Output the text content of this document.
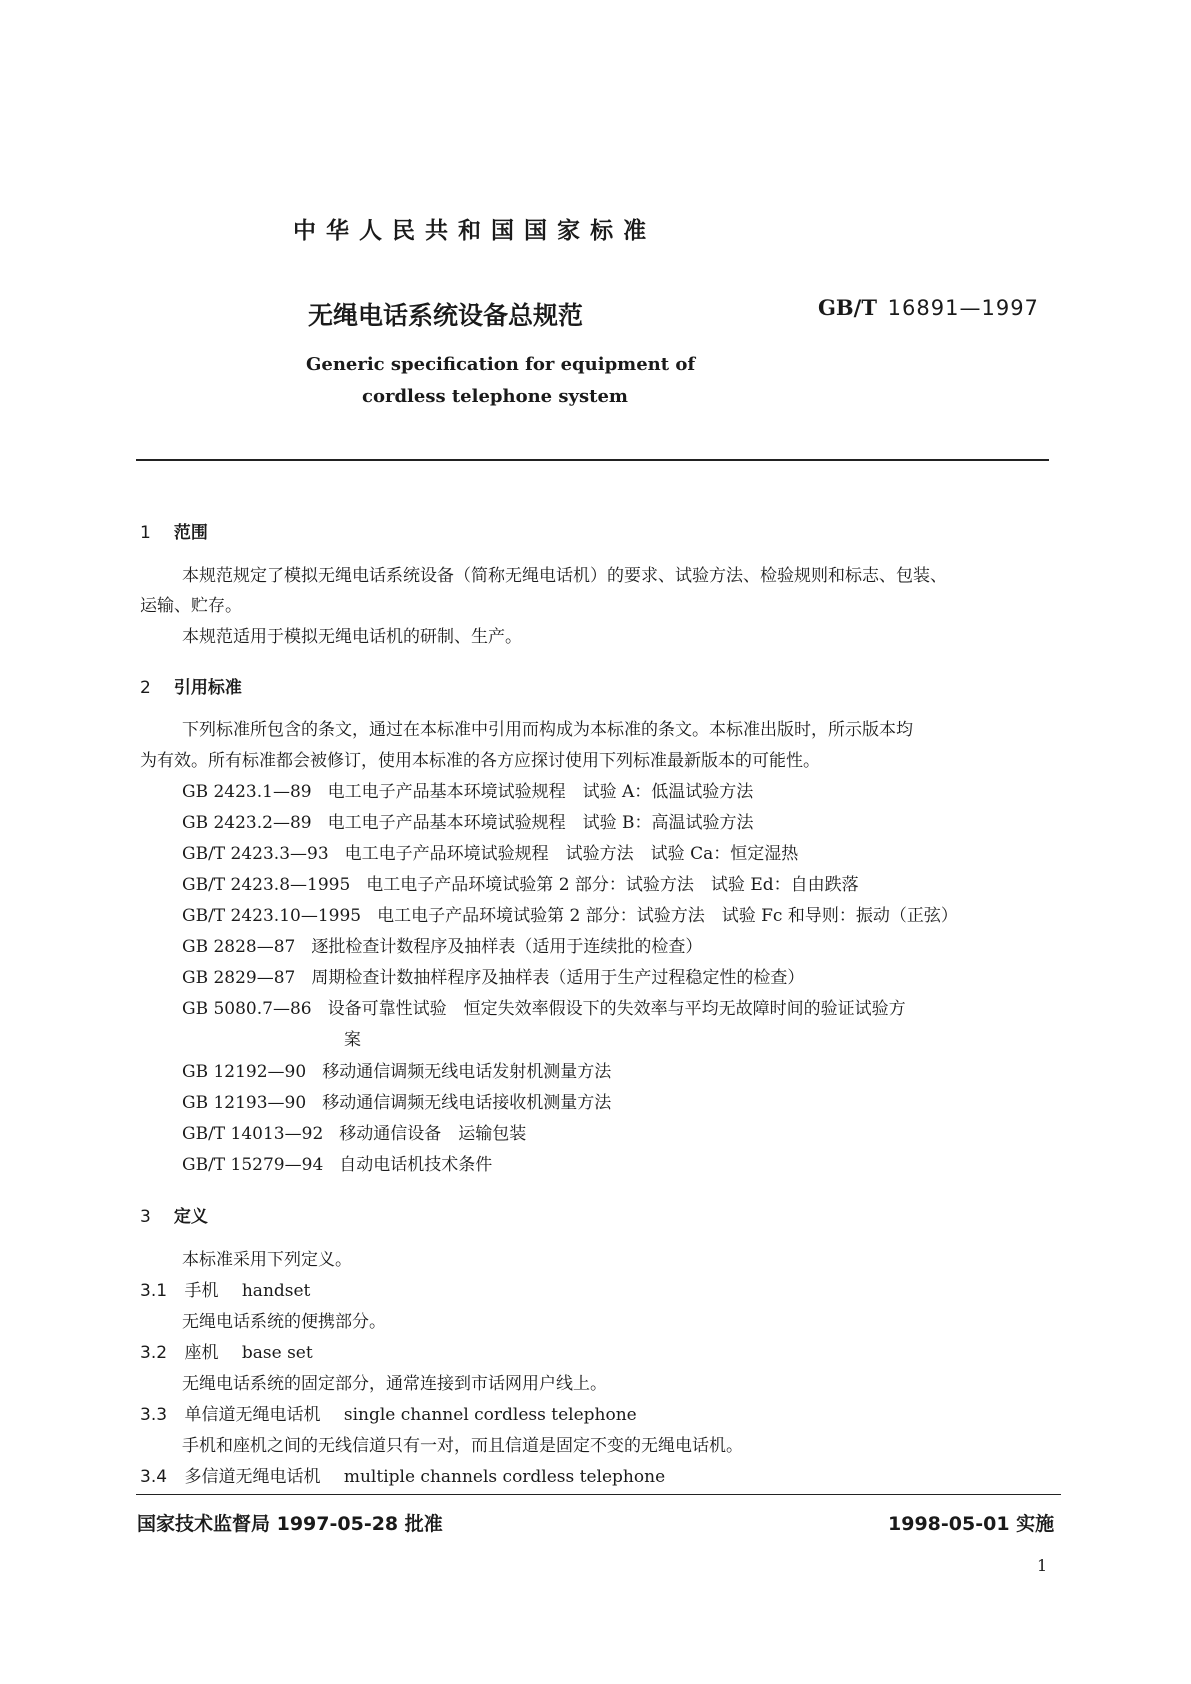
中 华 人 民 共 和 国 国 家 标 准
无绳电话系统设备总规范	GB/T 16891—1997
Generic specification for equipment of
cordless telephone system
1 范围
本规范规定了模拟无绳电话系统设备（简称无绳电话机）的要求、试验方法、检验规则和标志、包装、
运输、贮存。
本规范适用于模拟无绳电话机的研制、生产。
2 引用标准
下列标准所包含的条文，通过在本标准中引用而构成为本标准的条文。本标准出版时，所示版本均
为有效。所有标准都会被修订，使用本标准的各方应探讨使用下列标准最新版本的可能性。
GB 2423.1—89 电工电子产品基本环境试验规程　试验 A：低温试验方法
GB 2423.2—89 电工电子产品基本环境试验规程　试验 B：高温试验方法
GB/T 2423.3—93 电工电子产品环境试验规程　试验方法　试验 Ca：恒定湿热
GB/T 2423.8—1995 电工电子产品环境试验第 2 部分：试验方法　试验 Ed：自由跌落
GB/T 2423.10—1995 电工电子产品环境试验第 2 部分：试验方法　试验 Fc 和导则：振动（正弦）
GB 2828—87 逐批检查计数程序及抽样表（适用于连续批的检查）
GB 2829—87 周期检查计数抽样程序及抽样表（适用于生产过程稳定性的检查）
GB 5080.7—86 设备可靠性试验　恒定失效率假设下的失效率与平均无故障时间的验证试验方
案
GB 12192—90 移动通信调频无线电话发射机测量方法
GB 12193—90 移动通信调频无线电话接收机测量方法
GB/T 14013—92 移动通信设备　运输包装
GB/T 15279—94 自动电话机技术条件
3 定义
本标准采用下列定义。
3.1 手机 handset
无绳电话系统的便携部分。
3.2 座机 base set
无绳电话系统的固定部分，通常连接到市话网用户线上。
3.3 单信道无绳电话机 single channel cordless telephone
手机和座机之间的无线信道只有一对，而且信道是固定不变的无绳电话机。
3.4 多信道无绳电话机 multiple channels cordless telephone
国家技术监督局 1997-05-28 批准	1998-05-01 实施
1
